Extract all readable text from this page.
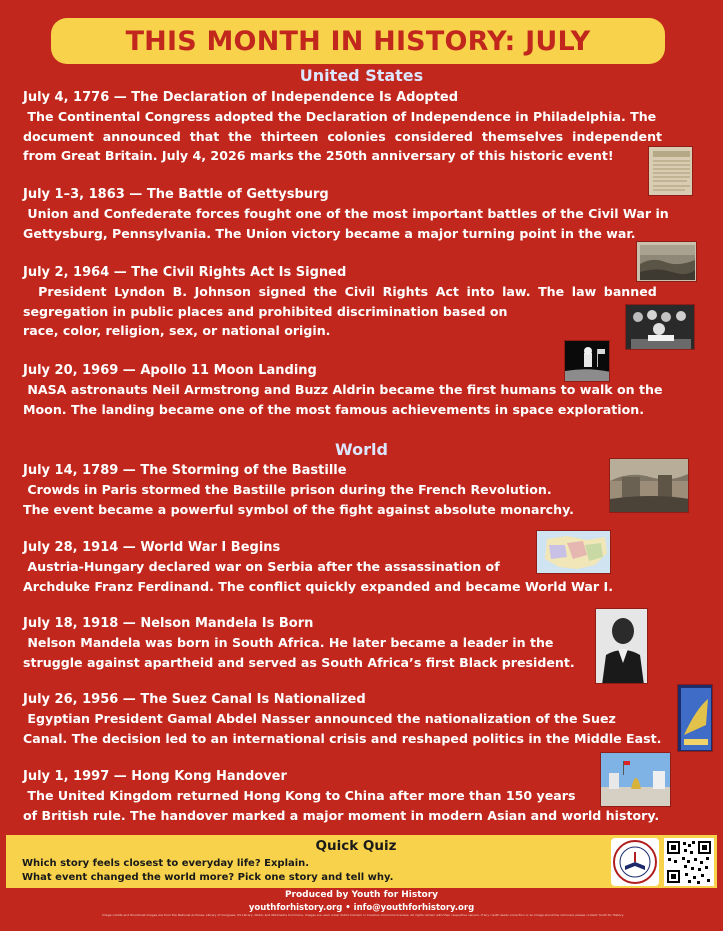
THIS MONTH IN HISTORY: JULY
United States
July 4, 1776 — The Declaration of Independence Is Adopted
The Continental Congress adopted the Declaration of Independence in Philadelphia. The
document announced that the thirteen colonies considered themselves independent
from Great Britain. July 4, 2026 marks the 250th anniversary of this historic event!
July 1–3, 1863 — The Battle of Gettysburg
Union and Confederate forces fought one of the most important battles of the Civil War in
Gettysburg, Pennsylvania. The Union victory became a major turning point in the war.
July 2, 1964 — The Civil Rights Act Is Signed
President Lyndon B. Johnson signed the Civil Rights Act into law. The law banned
segregation in public places and prohibited discrimination based on
race, color, religion, sex, or national origin.
July 20, 1969 — Apollo 11 Moon Landing
NASA astronauts Neil Armstrong and Buzz Aldrin became the first humans to walk on the
Moon. The landing became one of the most famous achievements in space exploration.
World
July 14, 1789 — The Storming of the Bastille
Crowds in Paris stormed the Bastille prison during the French Revolution.
The event became a powerful symbol of the fight against absolute monarchy.
July 28, 1914 — World War I Begins
Austria-Hungary declared war on Serbia after the assassination of
Archduke Franz Ferdinand. The conflict quickly expanded and became World War I.
July 18, 1918 — Nelson Mandela Is Born
Nelson Mandela was born in South Africa. He later became a leader in the
struggle against apartheid and served as South Africa’s first Black president.
July 26, 1956 — The Suez Canal Is Nationalized
Egyptian President Gamal Abdel Nasser announced the nationalization of the Suez
Canal. The decision led to an international crisis and reshaped politics in the Middle East.
July 1, 1997 — Hong Kong Handover
The United Kingdom returned Hong Kong to China after more than 150 years
of British rule. The handover marked a major moment in modern Asian and world history.
Quick Quiz
Which story feels closest to everyday life? Explain.
What event changed the world more? Pick one story and tell why.
Produced by Youth for History
youthforhistory.org • info@youthforhistory.org
Image credits and thumbnail images are from the National Archives, Library of Congress, US Library, NASA, and Wikimedia Commons. Images are used under Public Domain or Creative Commons licenses. All rights remain with their respective owners. If any credit needs correction or an image should be removed, please contact Youth for History.
